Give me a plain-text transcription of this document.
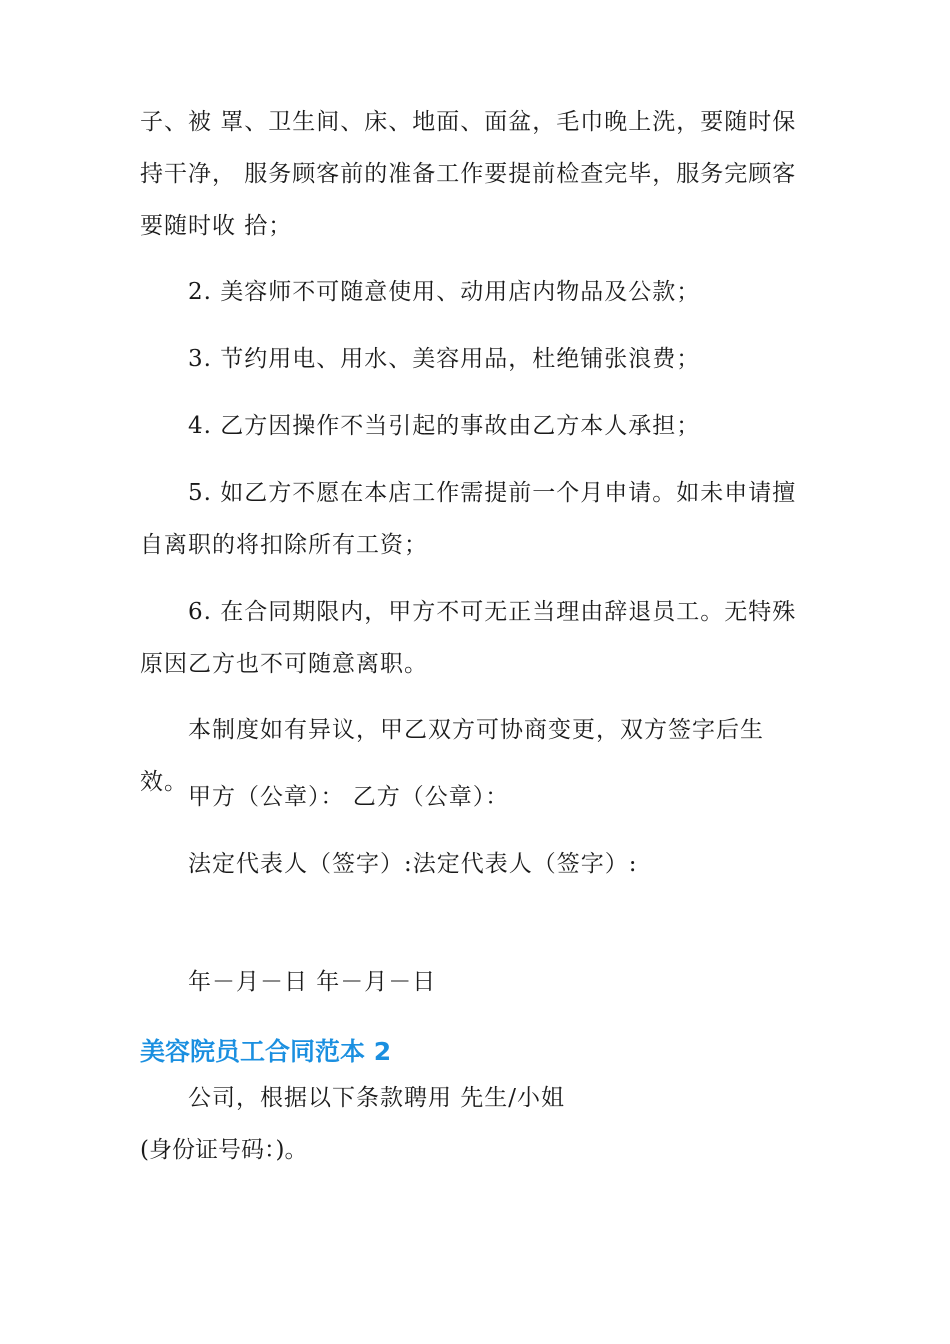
子、被 罩、卫生间、床、地面、面盆，毛巾晚上洗，要随时保持干净， 服务顾客前的准备工作要提前检查完毕，服务完顾客要随时收 拾；

2. 美容师不可随意使用、动用店内物品及公款；

3. 节约用电、用水、美容用品，杜绝铺张浪费；

4. 乙方因操作不当引起的事故由乙方本人承担；

5. 如乙方不愿在本店工作需提前一个月申请。如未申请擅自离职的将扣除所有工资；

6. 在合同期限内，甲方不可无正当理由辞退员工。无特殊原因乙方也不可随意离职。

本制度如有异议，甲乙双方可协商变更，双方签字后生效。

甲方（公章）： 乙方（公章）：

法定代表人（签字）:法定代表人（签字）:

年－月－日 年－月－日

美容院员工合同范本 2

公司，根据以下条款聘用 先生/小姐

(身份证号码：)。
